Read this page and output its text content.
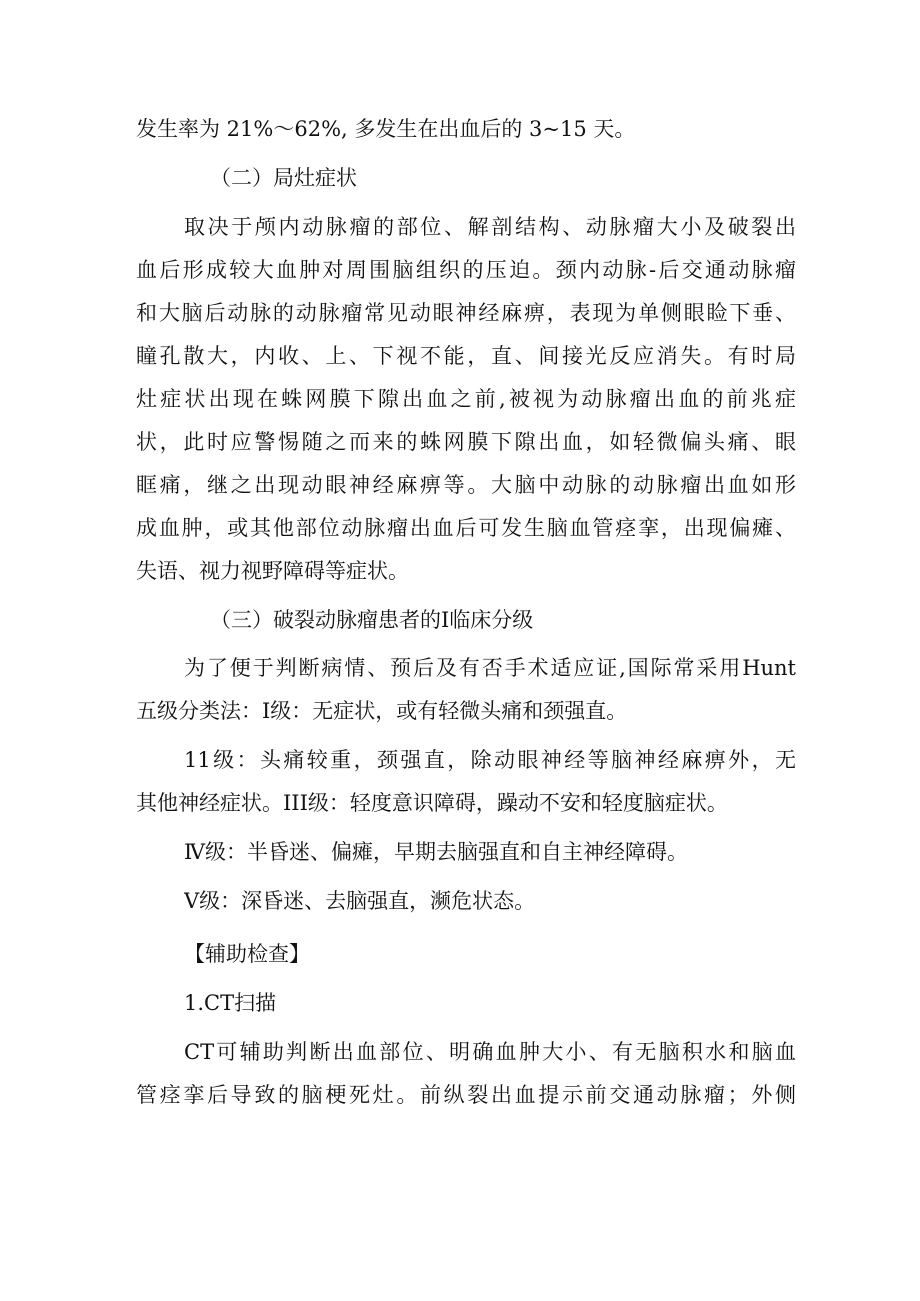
发生率为 21%～62%, 多发生在出血后的 3~15 天。
（二）局灶症状
取决于颅内动脉瘤的部位、解剖结构、动脉瘤大小及破裂出
血后形成较大血肿对周围脑组织的压迫。颈内动脉-后交通动脉瘤
和大脑后动脉的动脉瘤常见动眼神经麻痹，表现为单侧眼睑下垂、
瞳孔散大，内收、上、下视不能，直、间接光反应消失。有时局
灶症状出现在蛛网膜下隙出血之前,被视为动脉瘤出血的前兆症
状，此时应警惕随之而来的蛛网膜下隙出血，如轻微偏头痛、眼
眶痛，继之出现动眼神经麻痹等。大脑中动脉的动脉瘤出血如形
成血肿，或其他部位动脉瘤出血后可发生脑血管痉挛，出现偏瘫、
失语、视力视野障碍等症状。
（三）破裂动脉瘤患者的Ⅰ临床分级
为了便于判断病情、预后及有否手术适应证,国际常采用Hunt
五级分类法：Ⅰ级：无症状，或有轻微头痛和颈强直。
11级：头痛较重，颈强直，除动眼神经等脑神经麻痹外，无
其他神经症状。III级：轻度意识障碍，躁动不安和轻度脑症状。
Ⅳ级：半昏迷、偏瘫，早期去脑强直和自主神经障碍。
Ⅴ级：深昏迷、去脑强直，濒危状态。
【辅助检查】
1.CT扫描
CT可辅助判断出血部位、明确血肿大小、有无脑积水和脑血
管痉挛后导致的脑梗死灶。前纵裂出血提示前交通动脉瘤；外侧
